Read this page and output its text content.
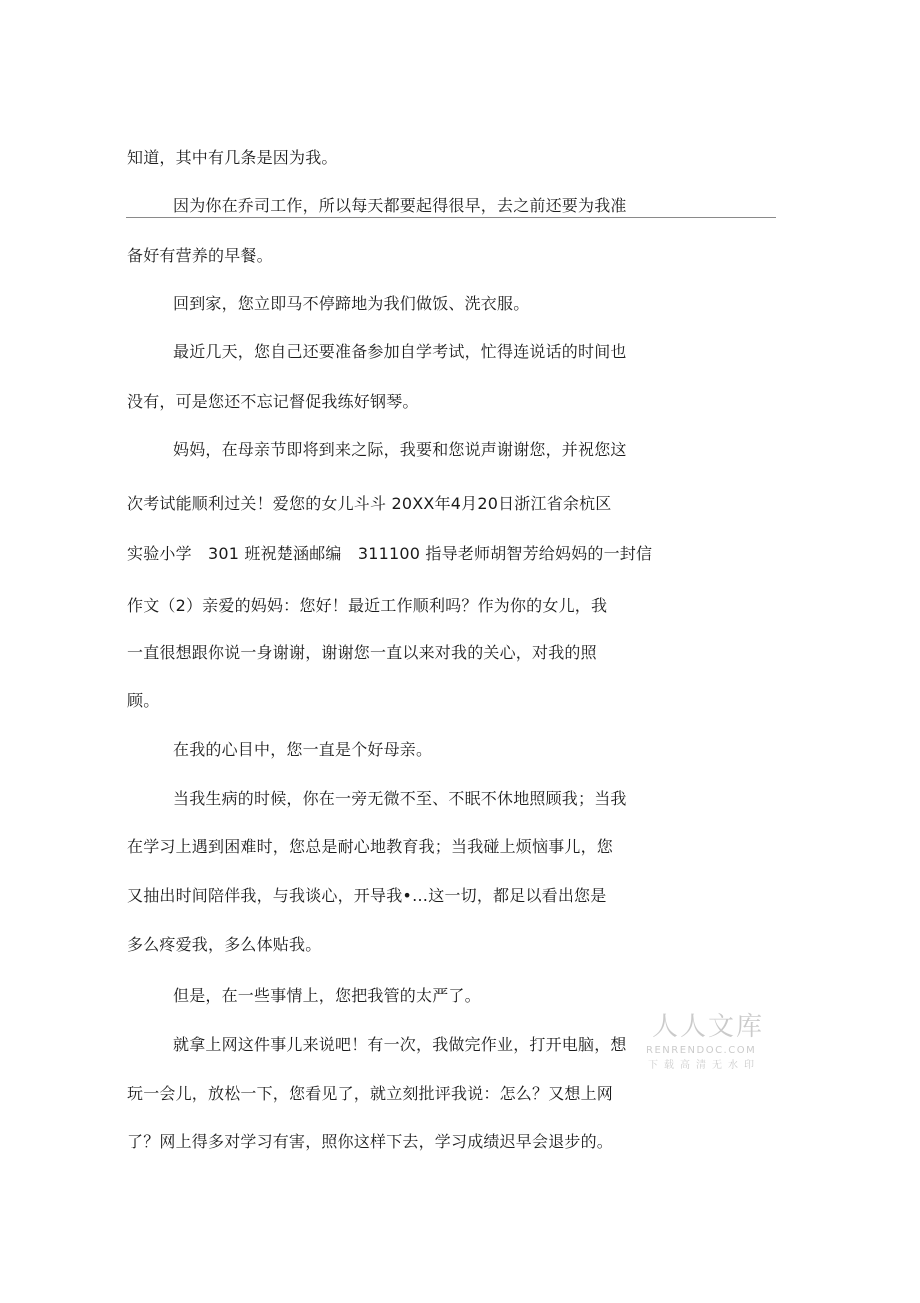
知道，其中有几条是因为我。

因为你在乔司工作，所以每天都要起得很早，去之前还要为我准

备好有营养的早餐。

回到家，您立即马不停蹄地为我们做饭、洗衣服。

最近几天，您自己还要准备参加自学考试，忙得连说话的时间也

没有，可是您还不忘记督促我练好钢琴。

妈妈，在母亲节即将到来之际，我要和您说声谢谢您，并祝您这

次考试能顺利过关！爱您的女儿斗斗 20XX年4月20日浙江省余杭区

实验小学　301 班祝楚涵邮编　311100 指导老师胡智芳给妈妈的一封信

作文（2）亲爱的妈妈：您好！最近工作顺利吗？作为你的女儿，我

一直很想跟你说一身谢谢，谢谢您一直以来对我的关心，对我的照

顾。

在我的心目中，您一直是个好母亲。

当我生病的时候，你在一旁无微不至、不眠不休地照顾我；当我

在学习上遇到困难时，您总是耐心地教育我；当我碰上烦恼事儿，您

又抽出时间陪伴我，与我谈心，开导我•…这一切，都足以看出您是

多么疼爱我，多么体贴我。

但是，在一些事情上，您把我管的太严了。

就拿上网这件事儿来说吧！有一次，我做完作业，打开电脑，想

玩一会儿，放松一下，您看见了，就立刻批评我说：怎么？又想上网

了？网上得多对学习有害，照你这样下去，学习成绩迟早会退步的。

人人文库
RENRENDOC.COM
下载高清无水印
